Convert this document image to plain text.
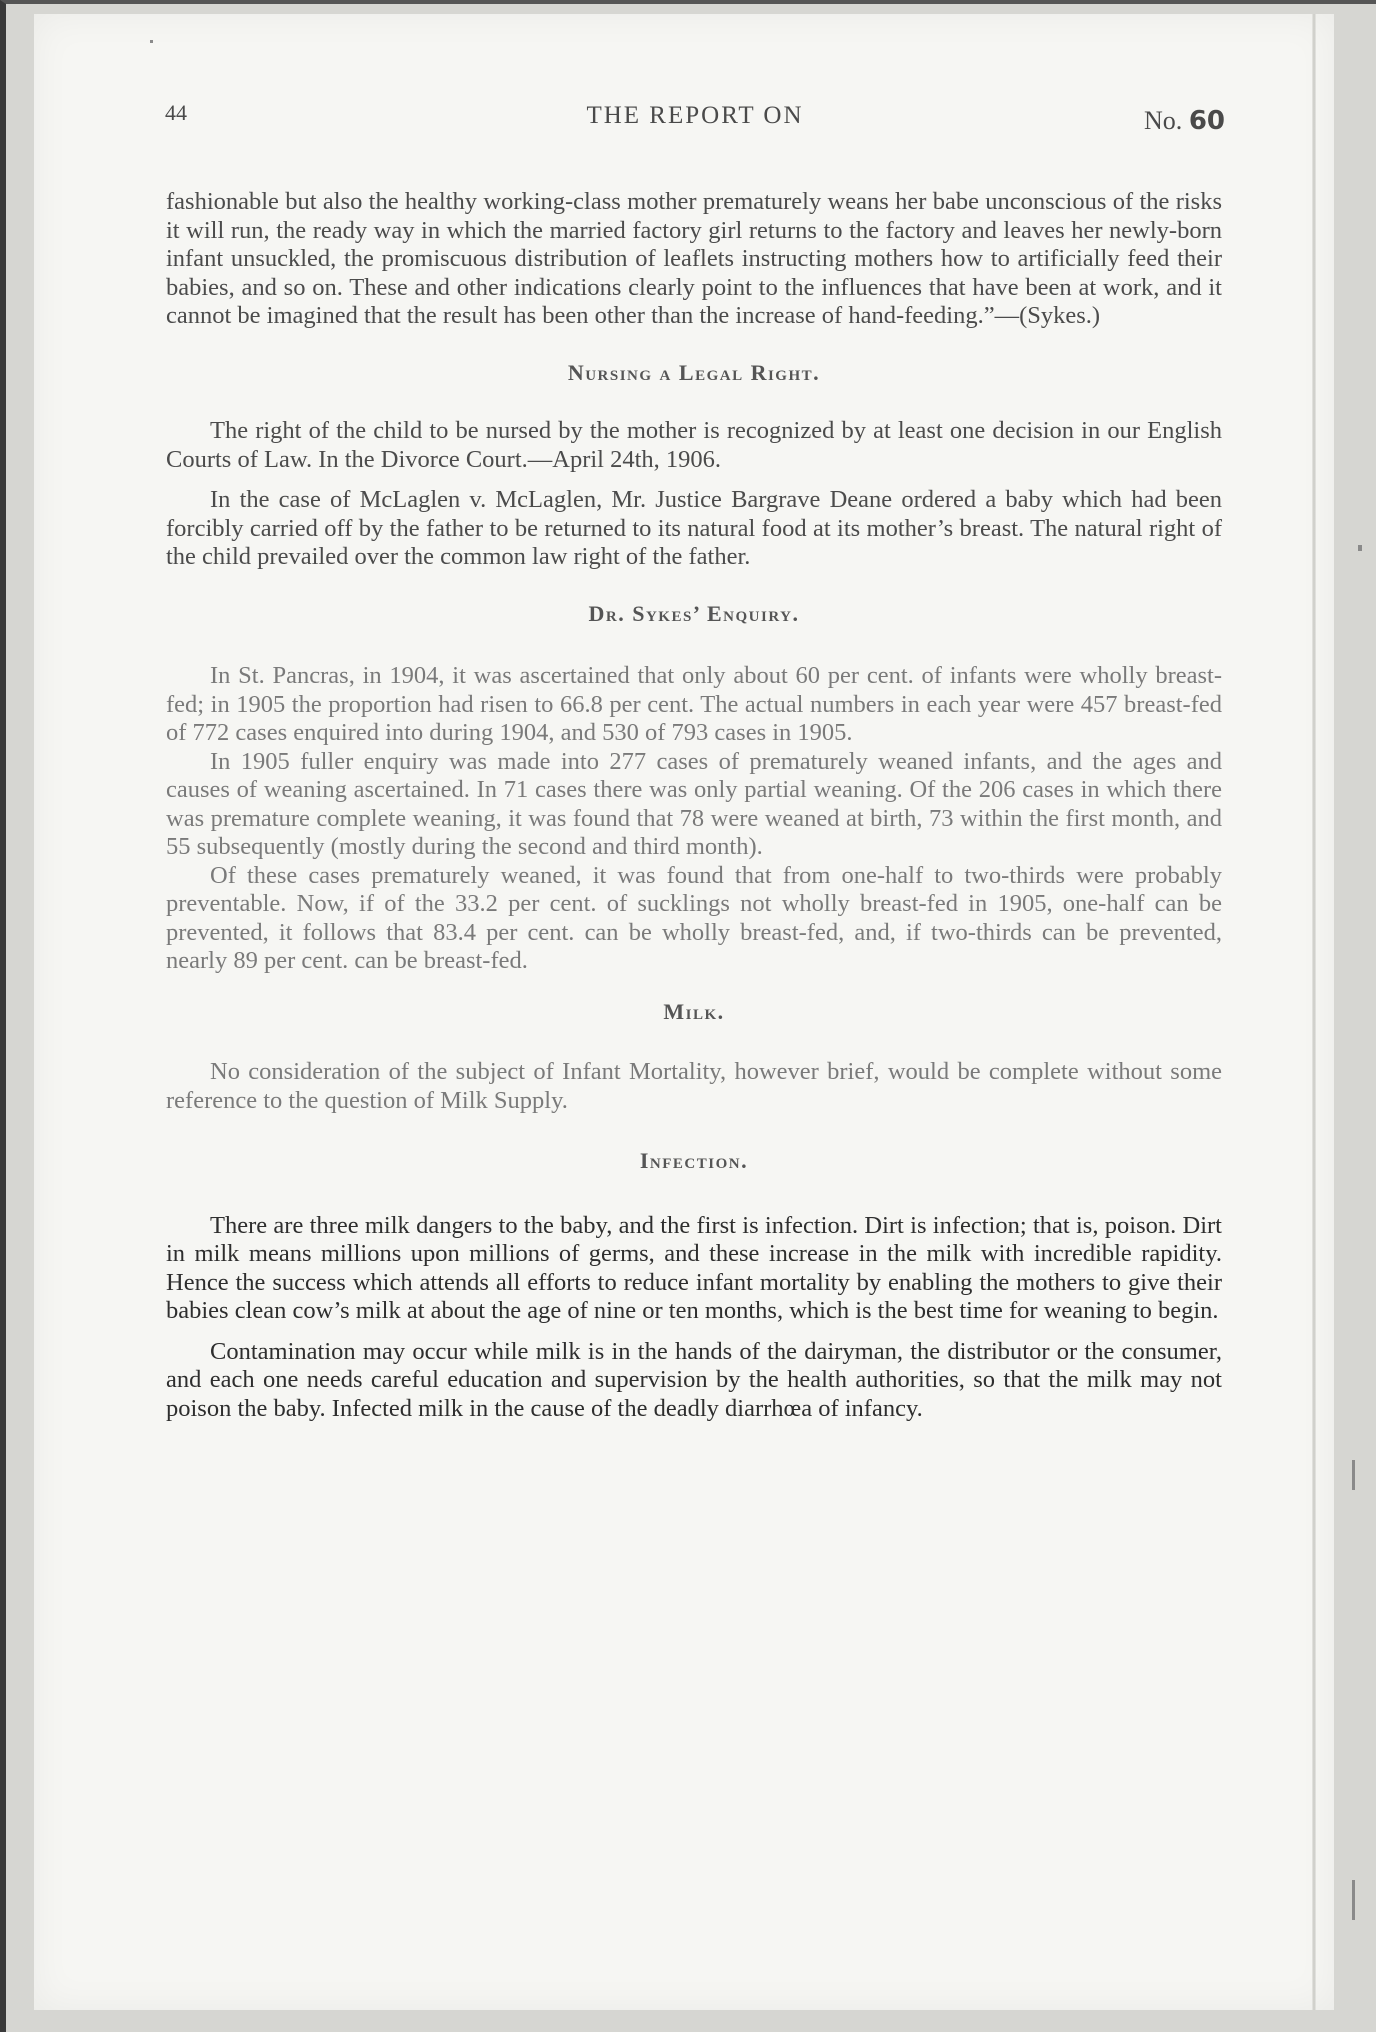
44	THE REPORT ON	No. 60

fashionable but also the healthy working-class mother prematurely weans her babe unconscious of the risks it will run, the ready way in which the married factory girl returns to the factory and leaves her newly-born infant unsuckled, the promiscuous distribution of leaflets instructing mothers how to artificially feed their babies, and so on. These and other indications clearly point to the influences that have been at work, and it cannot be imagined that the result has been other than the increase of hand-feeding.”—(Sykes.)

Nursing a Legal Right.

The right of the child to be nursed by the mother is recognized by at least one decision in our English Courts of Law. In the Divorce Court.—April 24th, 1906.

In the case of McLaglen v. McLaglen, Mr. Justice Bargrave Deane ordered a baby which had been forcibly carried off by the father to be returned to its natural food at its mother’s breast. The natural right of the child prevailed over the common law right of the father.

Dr. Sykes’ Enquiry.

In St. Pancras, in 1904, it was ascertained that only about 60 per cent. of infants were wholly breast-fed; in 1905 the proportion had risen to 66.8 per cent. The actual numbers in each year were 457 breast-fed of 772 cases enquired into during 1904, and 530 of 793 cases in 1905.

In 1905 fuller enquiry was made into 277 cases of prematurely weaned infants, and the ages and causes of weaning ascertained. In 71 cases there was only partial weaning. Of the 206 cases in which there was premature complete weaning, it was found that 78 were weaned at birth, 73 within the first month, and 55 subsequently (mostly during the second and third month).

Of these cases prematurely weaned, it was found that from one-half to two-thirds were probably preventable. Now, if of the 33.2 per cent. of sucklings not wholly breast-fed in 1905, one-half can be prevented, it follows that 83.4 per cent. can be wholly breast-fed, and, if two-thirds can be prevented, nearly 89 per cent. can be breast-fed.

Milk.

No consideration of the subject of Infant Mortality, however brief, would be complete without some reference to the question of Milk Supply.

Infection.

There are three milk dangers to the baby, and the first is infection. Dirt is infection; that is, poison. Dirt in milk means millions upon millions of germs, and these increase in the milk with incredible rapidity. Hence the success which attends all efforts to reduce infant mortality by enabling the mothers to give their babies clean cow’s milk at about the age of nine or ten months, which is the best time for weaning to begin.

Contamination may occur while milk is in the hands of the dairyman, the distributor or the consumer, and each one needs careful education and supervision by the health authorities, so that the milk may not poison the baby. Infected milk in the cause of the deadly diarrhœa of infancy.
